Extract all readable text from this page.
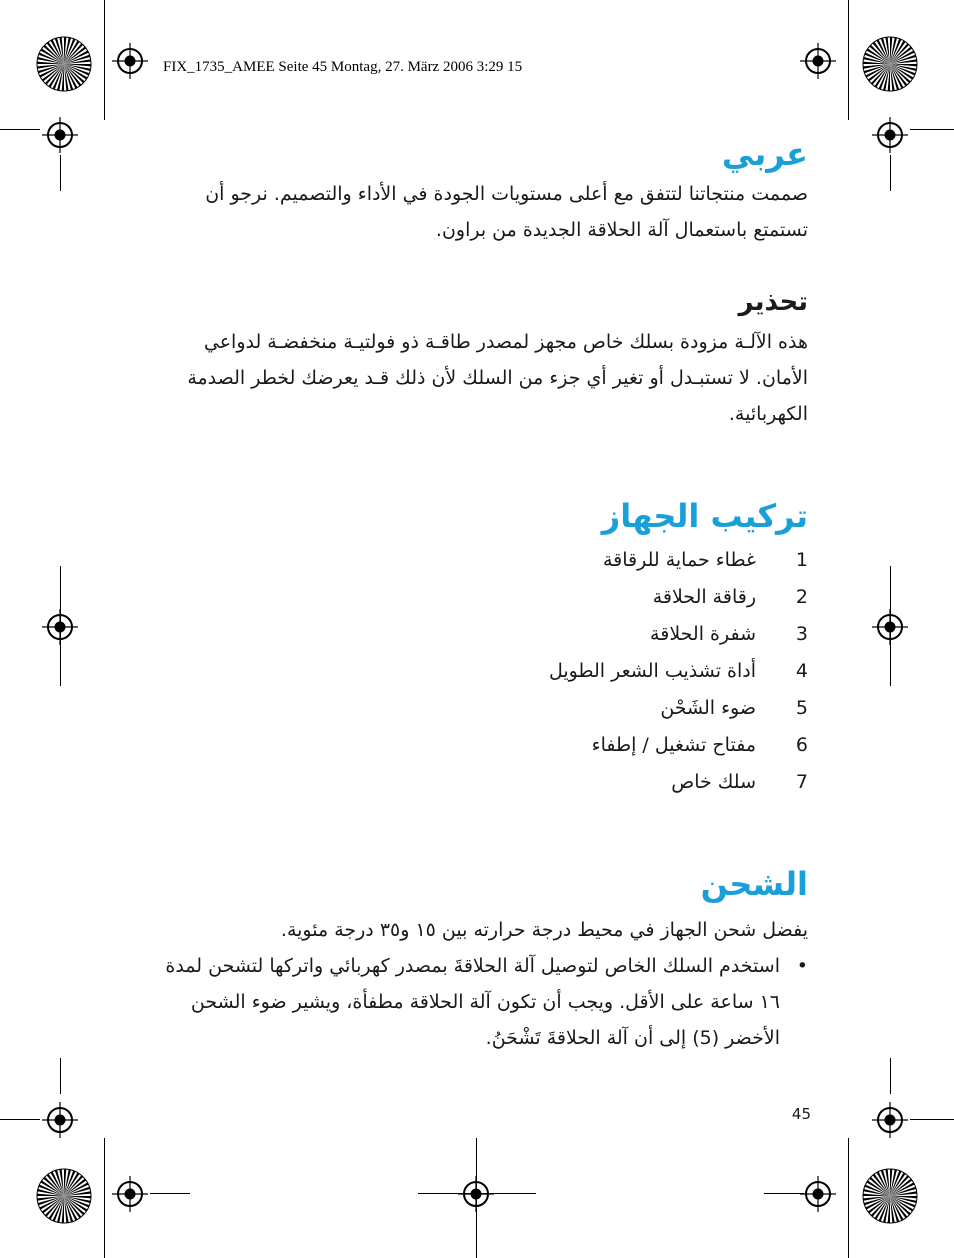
FIX_1735_AMEE Seite 45 Montag, 27. März 2006 3:29 15
عربي

صممت منتجاتنا لتتفق مع أعلى مستويات الجودة في الأداء والتصميم. نرجو أن تستمتع باستعمال آلة الحلاقة الجديدة من براون.

تحذير

هذه الآلـة مزودة بسلك خاص مجهز لمصدر طاقـة ذو فولتيـة منخفضـة لدواعي الأمان. لا تستبـدل أو تغير أي جزء من السلك لأن ذلك قـد يعرضك لخطر الصدمة الكهربائية.

تركيب الجهاز
1
غطاء حماية للرقاقة
2
رقاقة الحلاقة
3
شفرة الحلاقة
4
أداة تشذيب الشعر الطويل
5
ضوء الشَحْن
6
مفتاح تشغيل / إطفاء
7
سلك خاص
الشحن

يفضل شحن الجهاز في محيط درجة حرارته بين ١٥ و٣٥ درجة مئوية.

•
استخدم السلك الخاص لتوصيل آلة الحلاقةَ بمصدر كهربائي واتركها لتشحن لمدة ١٦ ساعة على الأقل. ويجب أن تكون آلة الحلاقة مطفأة، ويشير ضوء الشحن الأخضر (5) إلى أن آلة الحلاقةَ تَشْحَنُ.
45
